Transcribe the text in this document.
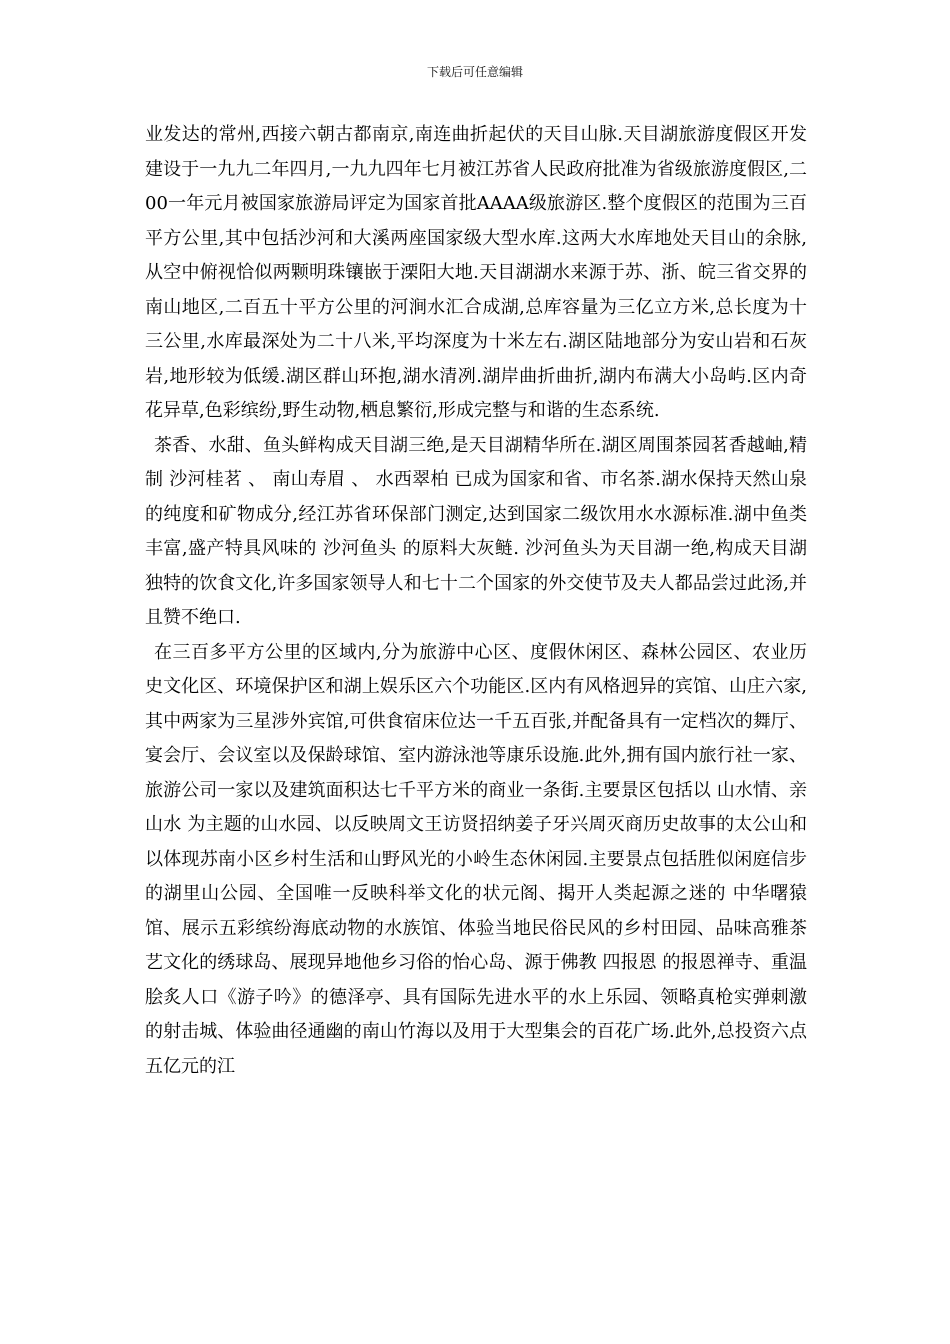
下载后可任意编辑

业发达的常州,西接六朝古都南京,南连曲折起伏的天目山脉.天目湖旅游度假区开发建设于一九九二年四月,一九九四年七月被江苏省人民政府批准为省级旅游度假区,二00一年元月被国家旅游局评定为国家首批AAAA级旅游区.整个度假区的范围为三百平方公里,其中包括沙河和大溪两座国家级大型水库.这两大水库地处天目山的余脉,从空中俯视恰似两颗明珠镶嵌于溧阳大地.天目湖湖水来源于苏、浙、皖三省交界的南山地区,二百五十平方公里的河涧水汇合成湖,总库容量为三亿立方米,总长度为十三公里,水库最深处为二十八米,平均深度为十米左右.湖区陆地部分为安山岩和石灰岩,地形较为低缓.湖区群山环抱,湖水清冽.湖岸曲折曲折,湖内布满大小岛屿.区内奇花异草,色彩缤纷,野生动物,栖息繁衍,形成完整与和谐的生态系统.

茶香、水甜、鱼头鲜构成天目湖三绝,是天目湖精华所在.湖区周围茶园茗香越岫,精制 沙河桂茗 、 南山寿眉 、 水西翠柏 已成为国家和省、市名茶.湖水保持天然山泉的纯度和矿物成分,经江苏省环保部门测定,达到国家二级饮用水水源标准.湖中鱼类丰富,盛产特具风味的 沙河鱼头 的原料大灰鲢. 沙河鱼头为天目湖一绝,构成天目湖独特的饮食文化,许多国家领导人和七十二个国家的外交使节及夫人都品尝过此汤,并且赞不绝口.

在三百多平方公里的区域内,分为旅游中心区、度假休闲区、森林公园区、农业历史文化区、环境保护区和湖上娱乐区六个功能区.区内有风格迥异的宾馆、山庄六家,其中两家为三星涉外宾馆,可供食宿床位达一千五百张,并配备具有一定档次的舞厅、宴会厅、会议室以及保龄球馆、室内游泳池等康乐设施.此外,拥有国内旅行社一家、旅游公司一家以及建筑面积达七千平方米的商业一条街.主要景区包括以 山水情、亲山水 为主题的山水园、以反映周文王访贤招纳姜子牙兴周灭商历史故事的太公山和以体现苏南小区乡村生活和山野风光的小岭生态休闲园.主要景点包括胜似闲庭信步的湖里山公园、全国唯一反映科举文化的状元阁、揭开人类起源之迷的 中华曙猿 馆、展示五彩缤纷海底动物的水族馆、体验当地民俗民风的乡村田园、品味高雅茶艺文化的绣球岛、展现异地他乡习俗的怡心岛、源于佛教 四报恩 的报恩禅寺、重温脍炙人口《游子吟》的德泽亭、具有国际先进水平的水上乐园、领略真枪实弹刺激的射击城、体验曲径通幽的南山竹海以及用于大型集会的百花广场.此外,总投资六点五亿元的江
